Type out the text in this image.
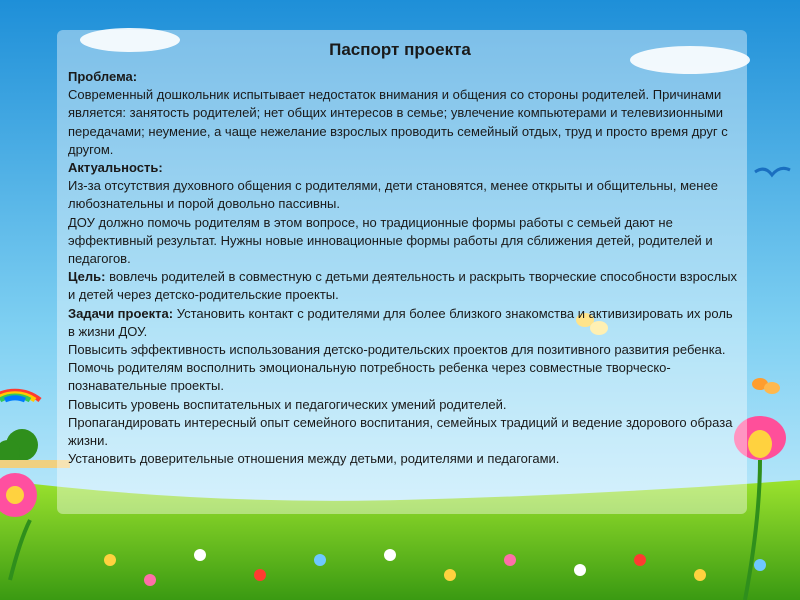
Паспорт проекта

Проблема:

Современный дошкольник испытывает недостаток внимания и общения со стороны родителей. Причинами является: занятость родителей; нет общих интересов в семье; увлечение компьютерами и телевизионными передачами; неумение, а чаще нежелание взрослых проводить семейный отдых, труд и просто время друг с другом.

Актуальность:

Из-за отсутствия духовного общения с родителями, дети становятся, менее открыты и общительны, менее любознательны и порой довольно пассивны.

ДОУ должно помочь родителям в этом вопросе, но традиционные формы работы с семьей дают не эффективный результат. Нужны новые инновационные формы работы для сближения детей, родителей и педагогов.

Цель: вовлечь родителей в совместную с детьми деятельность и раскрыть творческие способности взрослых и детей через детско-родительские проекты.

Задачи проекта: Установить контакт с родителями для более близкого знакомства и активизировать их роль в жизни ДОУ.

Повысить эффективность использования детско-родительских проектов для позитивного развития ребенка.

Помочь родителям восполнить эмоциональную потребность ребенка через совместные творческо-познавательные проекты.

Повысить уровень воспитательных и педагогических умений родителей.

Пропагандировать интересный опыт семейного воспитания, семейных традиций и ведение здорового образа жизни.

Установить доверительные отношения между детьми, родителями и педагогами.
